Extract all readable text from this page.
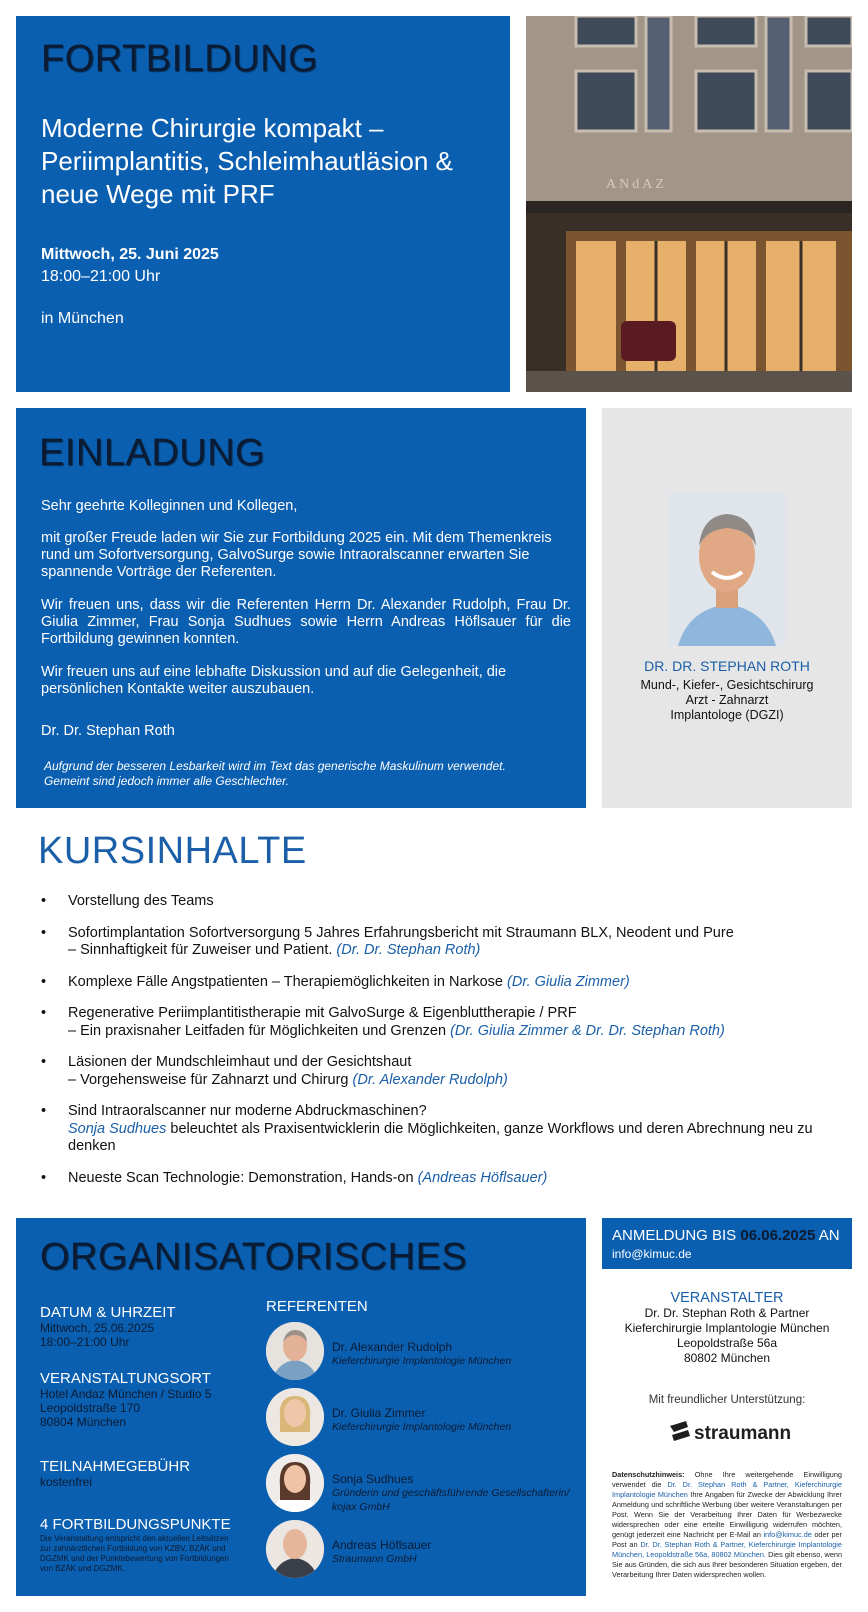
FORTBILDUNG
Moderne Chirurgie kompakt – Periimplantitis, Schleimhautläsion & neue Wege mit PRF
Mittwoch, 25. Juni 2025
18:00–21:00 Uhr
in München
ANdAZ
EINLADUNG

Sehr geehrte Kolleginnen und Kollegen,

mit großer Freude laden wir Sie zur Fortbildung 2025 ein. Mit dem Themenkreis rund um Sofortversorgung, GalvoSurge sowie Intraoralscanner erwarten Sie spannende Vorträge der Referenten.

Wir freuen uns, dass wir die Referenten Herrn Dr. Alexander Rudolph, Frau Dr. Giulia Zimmer, Frau Sonja Sudhues sowie Herrn Andreas Höflsauer für die Fortbildung gewinnen konnten.

Wir freuen uns auf eine lebhafte Diskussion und auf die Gelegenheit, die persönlichen Kontakte weiter auszubauen.

Dr. Dr. Stephan Roth

Aufgrund der besseren Lesbarkeit wird im Text das generische Maskulinum verwendet. Gemeint sind jedoch immer alle Geschlechter.

DR. DR. STEPHAN ROTH
Mund-, Kiefer-, Gesichtschirurg
Arzt - Zahnarzt
Implantologe (DGZI)
KURSINHALTE
• Vorstellung des Teams
• Sofortimplantation Sofortversorgung 5 Jahres Erfahrungsbericht mit Straumann BLX, Neodent und Pure
– Sinnhaftigkeit für Zuweiser und Patient. (Dr. Dr. Stephan Roth)
• Komplexe Fälle Angstpatienten – Therapiemöglichkeiten in Narkose (Dr. Giulia Zimmer)
• Regenerative Periimplantitistherapie mit GalvoSurge & Eigenbluttherapie / PRF
– Ein praxisnaher Leitfaden für Möglichkeiten und Grenzen (Dr. Giulia Zimmer & Dr. Dr. Stephan Roth)
• Läsionen der Mundschleimhaut und der Gesichtshaut
– Vorgehensweise für Zahnarzt und Chirurg (Dr. Alexander Rudolph)
• Sind Intraoralscanner nur moderne Abdruckmaschinen?
Sonja Sudhues beleuchtet als Praxisentwicklerin die Möglichkeiten, ganze Workflows und deren Abrechnung neu zu denken
• Neueste Scan Technologie: Demonstration, Hands-on (Andreas Höflsauer)
ORGANISATORISCHES
DATUM & UHRZEIT
Mittwoch, 25.06.2025
18:00–21:00 Uhr
VERANSTALTUNGSORT
Hotel Andaz München / Studio 5
Leopoldstraße 170
80804 München
TEILNAHMEGEBÜHR
kostenfrei
4 FORTBILDUNGSPUNKTE
Die Veranstaltung entspricht den aktuellen Leitsätzen zur zahnärztlichen Fortbildung von KZBV, BZÄK und DGZMK und der Punktebewertung von Fortbildungen von BZÄK und DGZMK.
REFERENTEN
Dr. Alexander Rudolph
Kieferchirurgie Implantologie München
Dr. Giulia Zimmer
Kieferchirurgie Implantologie München
Sonja Sudhues
Gründerin und geschäftsführende Gesellschafterin/ kojax GmbH
Andreas Höflsauer
Straumann GmbH
ANMELDUNG BIS 06.06.2025 AN
info@kimuc.de
VERANSTALTER
Dr. Dr. Stephan Roth & Partner
Kieferchirurgie Implantologie München
Leopoldstraße 56a
80802 München
Mit freundlicher Unterstützung:
straumann
Datenschutzhinweis: Ohne Ihre weitergehende Einwilligung verwendet die Dr. Dr. Stephan Roth & Partner, Kieferchirurgie Implantologie München Ihre Angaben für Zwecke der Abwicklung Ihrer Anmeldung und schriftliche Werbung über weitere Veranstaltungen per Post. Wenn Sie der Verarbeitung Ihrer Daten für Werbezwecke widersprechen oder eine erteilte Einwilligung widerrufen möchten, genügt jederzeit eine Nachricht per E-Mail an info@kimuc.de oder per Post an Dr. Dr. Stephan Roth & Partner, Kieferchirurgie Implantologie München, Leopoldstraße 56a, 80802 München. Dies gilt ebenso, wenn Sie aus Gründen, die sich aus Ihrer besonderen Situation ergeben, der Verarbeitung Ihrer Daten widersprechen wollen.
